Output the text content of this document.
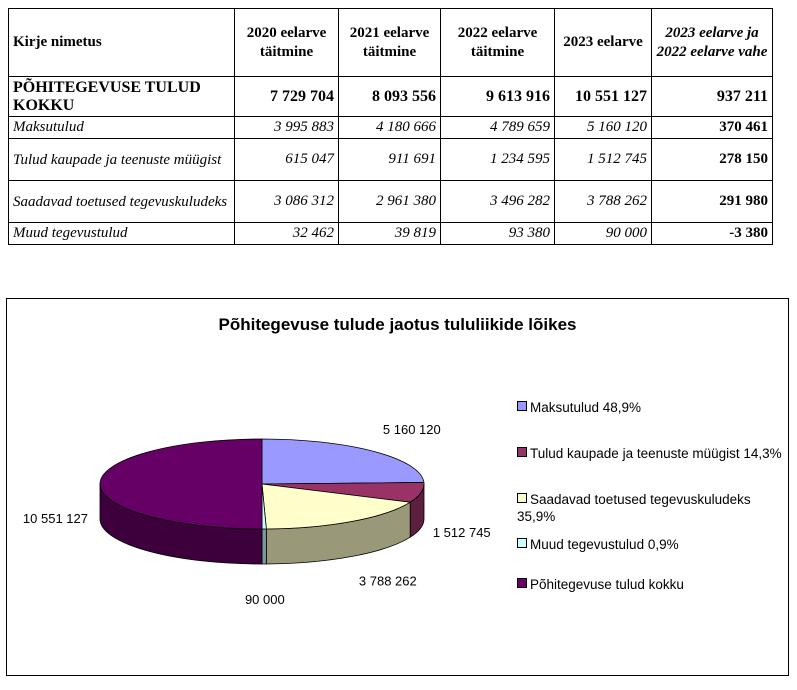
Kirje nimetus	2020 eelarve täitmine	2021 eelarve täitmine	2022 eelarve täitmine	2023 eelarve	2023 eelarve ja 2022 eelarve vahe
PÕHITEGEVUSE TULUD KOKKU	7 729 704	8 093 556	9 613 916	10 551 127	937 211
Maksutulud	3 995 883	4 180 666	4 789 659	5 160 120	370 461
Tulud kaupade ja teenuste müügist	615 047	911 691	1 234 595	1 512 745	278 150
Saadavad toetused tegevuskuludeks	3 086 312	2 961 380	3 496 282	3 788 262	291 980
Muud tegevustulud	32 462	39 819	93 380	90 000	-3 380
Põhitegevuse tulude jaotus tululiikide lõikes
5 160 120
1 512 745
3 788 262
90 000
10 551 127
Maksutulud 48,9%
Tulud kaupade ja teenuste müügist 14,3%
Saadavad toetused tegevuskuludeks 35,9%
Muud tegevustulud 0,9%
Põhitegevuse tulud kokku
